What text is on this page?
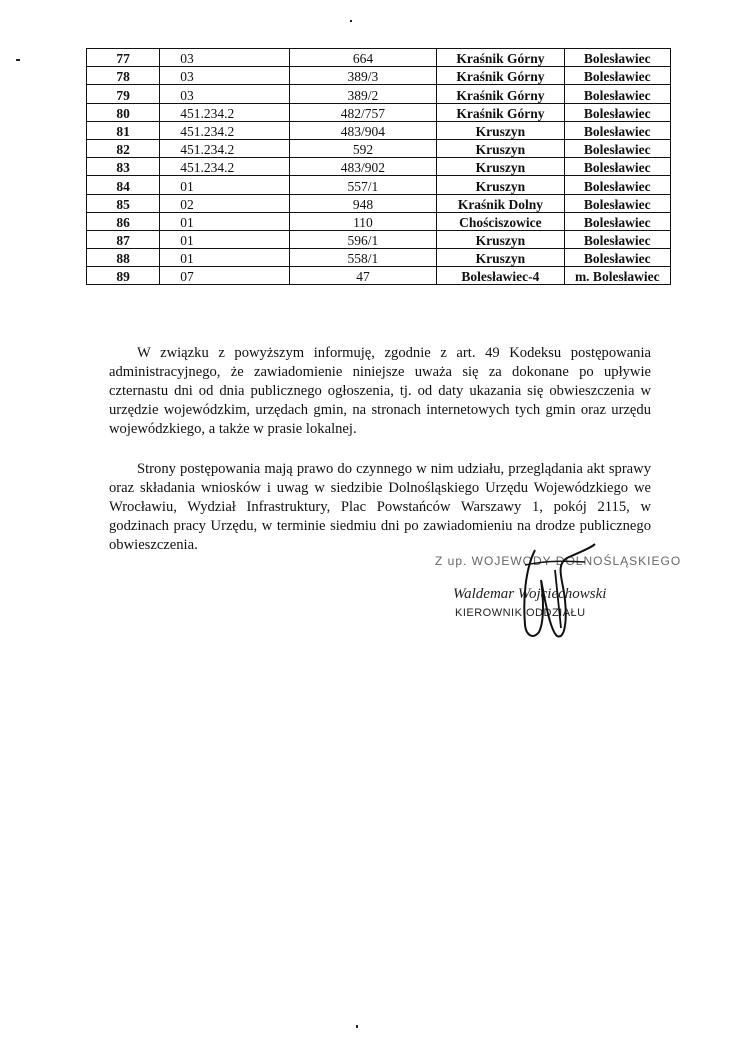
77	03	664	Kraśnik Górny	Bolesławiec
78	03	389/3	Kraśnik Górny	Bolesławiec
79	03	389/2	Kraśnik Górny	Bolesławiec
80	451.234.2	482/757	Kraśnik Górny	Bolesławiec
81	451.234.2	483/904	Kruszyn	Bolesławiec
82	451.234.2	592	Kruszyn	Bolesławiec
83	451.234.2	483/902	Kruszyn	Bolesławiec
84	01	557/1	Kruszyn	Bolesławiec
85	02	948	Kraśnik Dolny	Bolesławiec
86	01	110	Chościszowice	Bolesławiec
87	01	596/1	Kruszyn	Bolesławiec
88	01	558/1	Kruszyn	Bolesławiec
89	07	47	Bolesławiec-4	m. Bolesławiec

W związku z powyższym informuję, zgodnie z art. 49 Kodeksu postępowania administracyjnego, że zawiadomienie niniejsze uważa się za dokonane po upływie czternastu dni od dnia publicznego ogłoszenia, tj. od daty ukazania się obwieszczenia w urzędzie wojewódzkim, urzędach gmin, na stronach internetowych tych gmin oraz urzędu wojewódzkiego, a także w prasie lokalnej.

Strony postępowania mają prawo do czynnego w nim udziału, przeglądania akt sprawy oraz składania wniosków i uwag w siedzibie Dolnośląskiego Urzędu Wojewódzkiego we Wrocławiu, Wydział Infrastruktury, Plac Powstańców Warszawy 1, pokój 2115, w godzinach pracy Urzędu, w terminie siedmiu dni po zawiadomieniu na drodze publicznego obwieszczenia.

Z up. WOJEWODY DOLNOŚLĄSKIEGO
Waldemar Wojciechowski
KIEROWNIK ODDZIAŁU
